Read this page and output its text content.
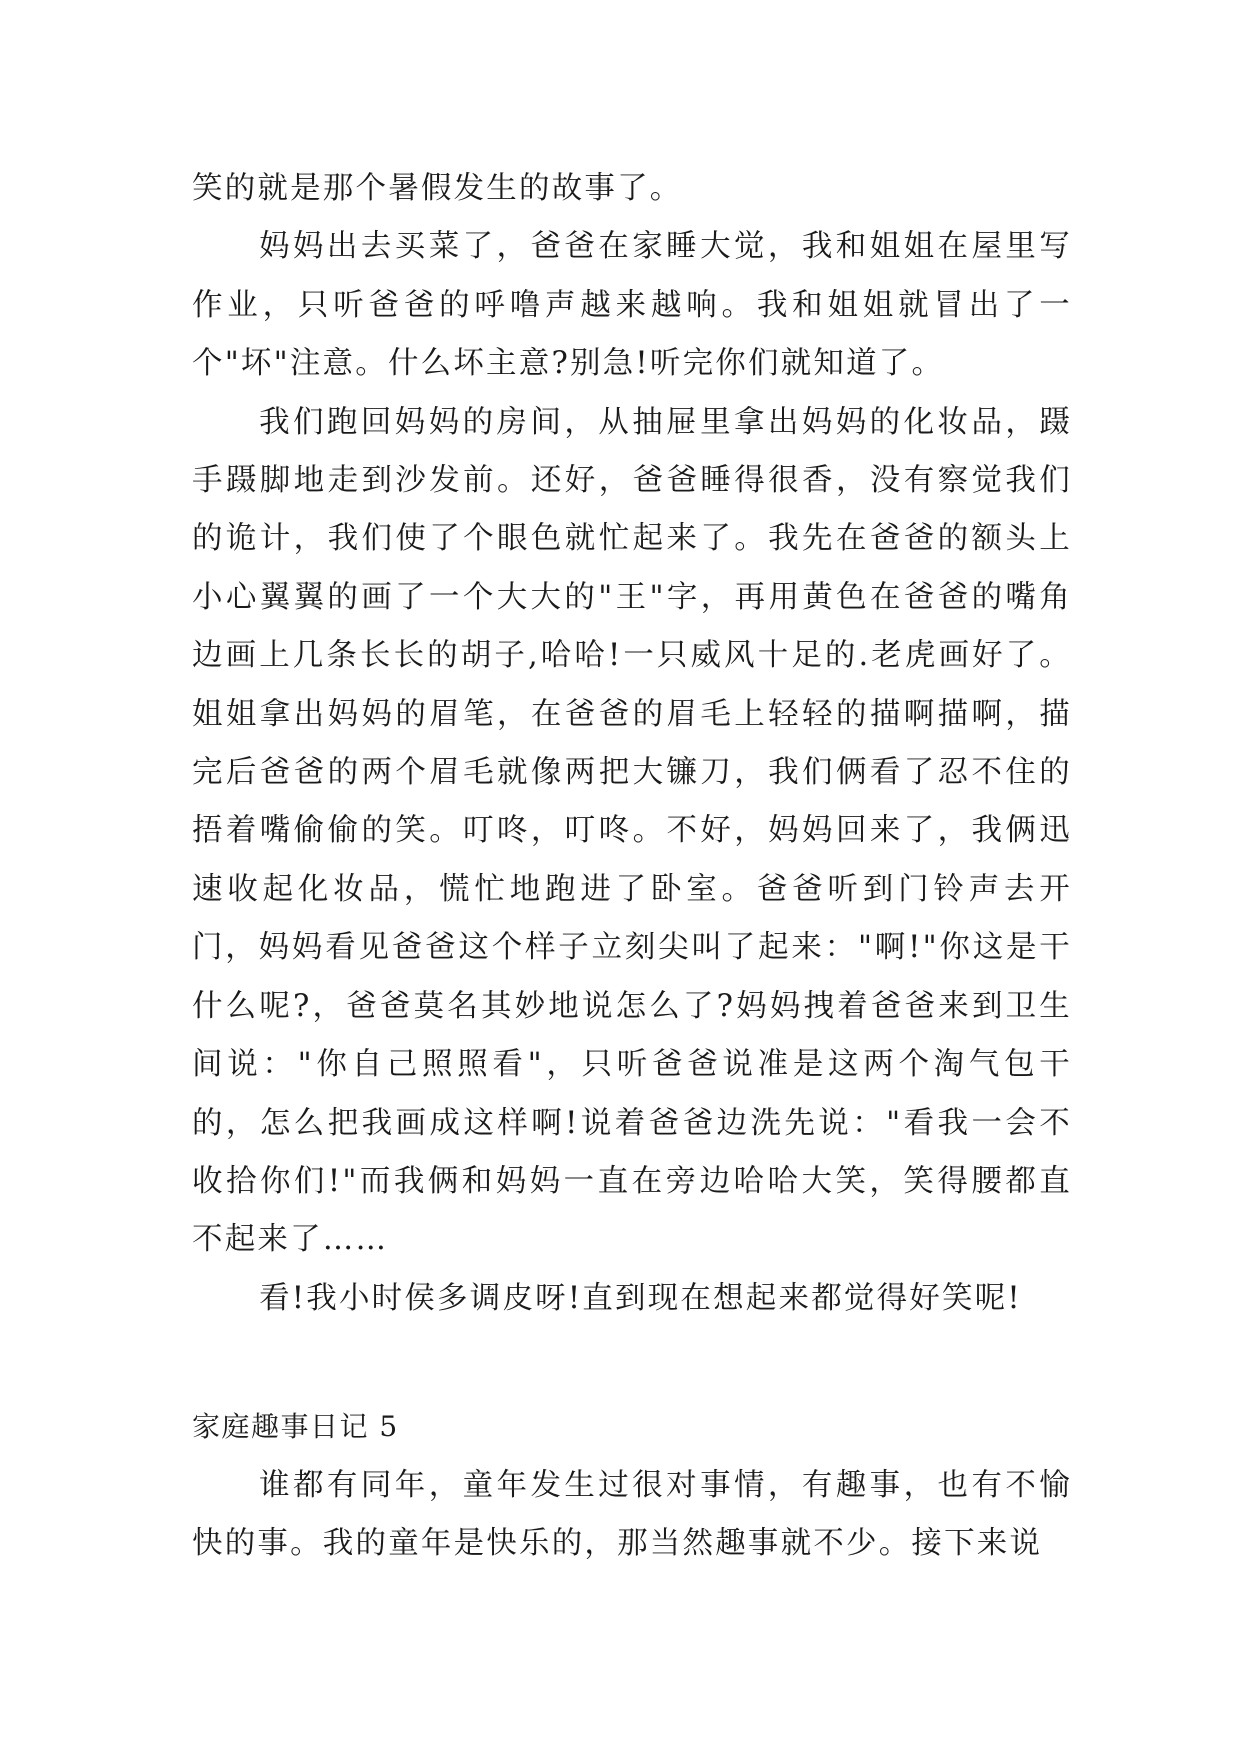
笑的就是那个暑假发生的故事了。

妈妈出去买菜了，爸爸在家睡大觉，我和姐姐在屋里写作业，只听爸爸的呼噜声越来越响。我和姐姐就冒出了一个"坏"注意。什么坏主意?别急!听完你们就知道了。

我们跑回妈妈的房间，从抽屉里拿出妈妈的化妆品，蹑手蹑脚地走到沙发前。还好，爸爸睡得很香，没有察觉我们的诡计，我们使了个眼色就忙起来了。我先在爸爸的额头上小心翼翼的画了一个大大的"王"字，再用黄色在爸爸的嘴角边画上几条长长的胡子,哈哈!一只威风十足的.老虎画好了。姐姐拿出妈妈的眉笔，在爸爸的眉毛上轻轻的描啊描啊，描完后爸爸的两个眉毛就像两把大镰刀，我们俩看了忍不住的捂着嘴偷偷的笑。叮咚，叮咚。不好，妈妈回来了，我俩迅速收起化妆品，慌忙地跑进了卧室。爸爸听到门铃声去开门，妈妈看见爸爸这个样子立刻尖叫了起来："啊!"你这是干什么呢?，爸爸莫名其妙地说怎么了?妈妈拽着爸爸来到卫生间说："你自己照照看"，只听爸爸说准是这两个淘气包干的，怎么把我画成这样啊!说着爸爸边洗先说："看我一会不收拾你们!"而我俩和妈妈一直在旁边哈哈大笑，笑得腰都直不起来了……

看!我小时侯多调皮呀!直到现在想起来都觉得好笑呢!

家庭趣事日记 5

谁都有同年，童年发生过很对事情，有趣事，也有不愉快的事。我的童年是快乐的，那当然趣事就不少。接下来说
